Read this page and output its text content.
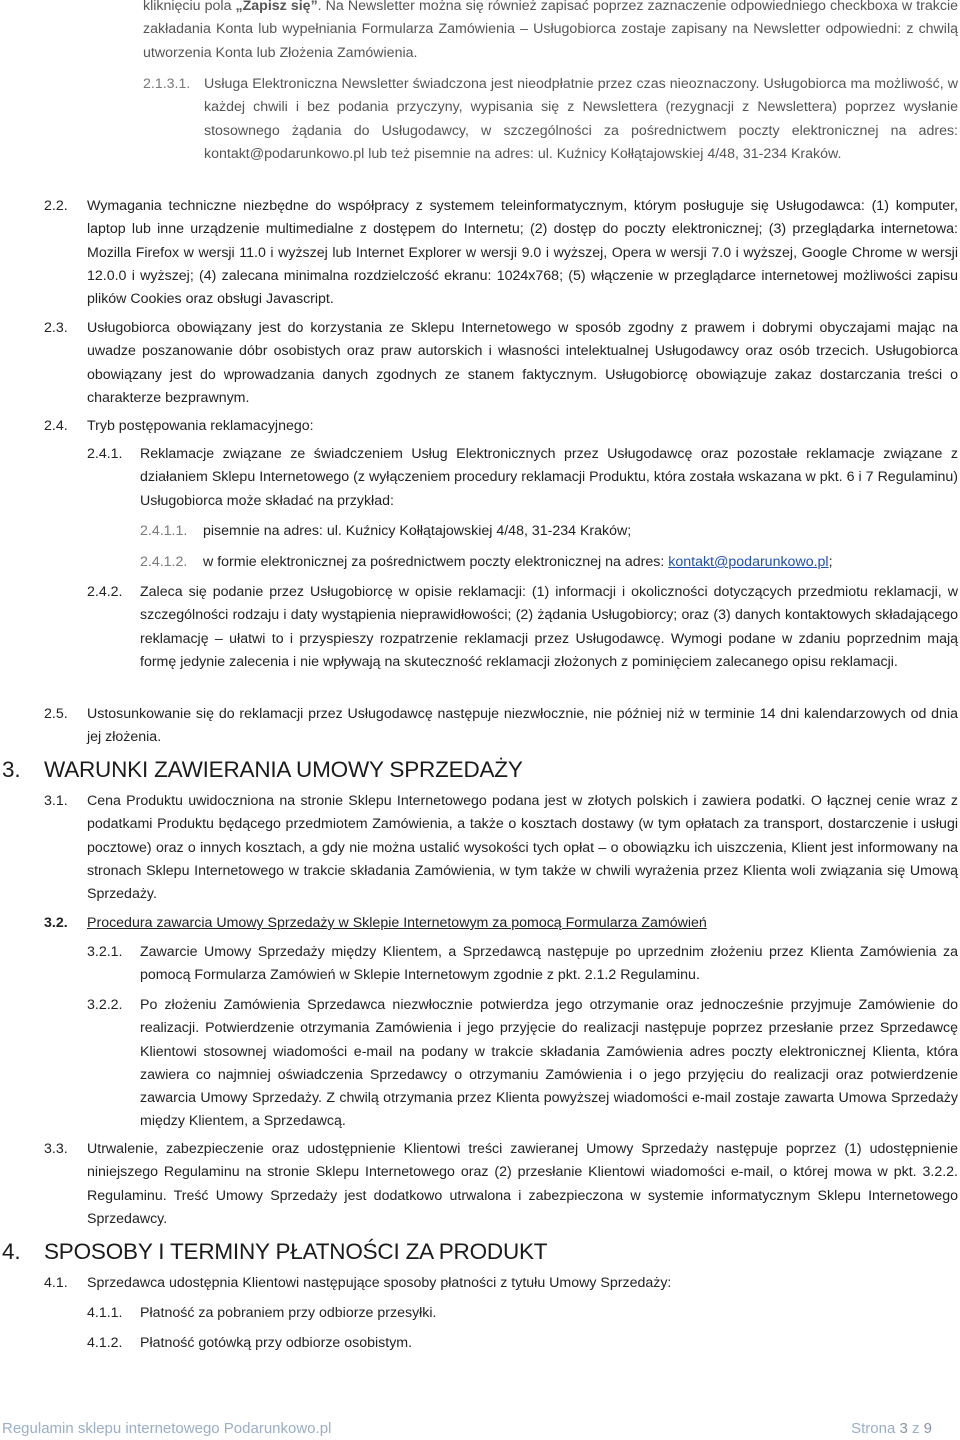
kliknięciu pola „Zapisz się”. Na Newsletter można się również zapisać poprzez zaznaczenie odpowiedniego checkboxa w trakcie zakładania Konta lub wypełniania Formularza Zamówienia – Usługobiorca zostaje zapisany na Newsletter odpowiedni: z chwilą utworzenia Konta lub Złożenia Zamówienia.
2.1.3.1. Usługa Elektroniczna Newsletter świadczona jest nieodpłatnie przez czas nieoznaczony. Usługobiorca ma możliwość, w każdej chwili i bez podania przyczyny, wypisania się z Newslettera (rezygnacji z Newslettera) poprzez wysłanie stosownego żądania do Usługodawcy, w szczególności za pośrednictwem poczty elektronicznej na adres: kontakt@podarunkowo.pl lub też pisemnie na adres: ul. Kuźnicy Kołłątajowskiej 4/48, 31-234 Kraków.
2.2. Wymagania techniczne niezbędne do współpracy z systemem teleinformatycznym, którym posługuje się Usługodawca: (1) komputer, laptop lub inne urządzenie multimedialne z dostępem do Internetu; (2) dostęp do poczty elektronicznej; (3) przeglądarka internetowa: Mozilla Firefox w wersji 11.0 i wyższej lub Internet Explorer w wersji 9.0 i wyższej, Opera w wersji 7.0 i wyższej, Google Chrome w wersji 12.0.0 i wyższej; (4) zalecana minimalna rozdzielczość ekranu: 1024x768; (5) włączenie w przeglądarce internetowej możliwości zapisu plików Cookies oraz obsługi Javascript.
2.3. Usługobiorca obowiązany jest do korzystania ze Sklepu Internetowego w sposób zgodny z prawem i dobrymi obyczajami mając na uwadze poszanowanie dóbr osobistych oraz praw autorskich i własności intelektualnej Usługodawcy oraz osób trzecich. Usługobiorca obowiązany jest do wprowadzania danych zgodnych ze stanem faktycznym. Usługobiorcę obowiązuje zakaz dostarczania treści o charakterze bezprawnym.
2.4. Tryb postępowania reklamacyjnego:
2.4.1. Reklamacje związane ze świadczeniem Usług Elektronicznych przez Usługodawcę oraz pozostałe reklamacje związane z działaniem Sklepu Internetowego (z wyłączeniem procedury reklamacji Produktu, która została wskazana w pkt. 6 i 7 Regulaminu) Usługobiorca może składać na przykład:
2.4.1.1. pisemnie na adres: ul. Kuźnicy Kołłątajowskiej 4/48, 31-234 Kraków;
2.4.1.2. w formie elektronicznej za pośrednictwem poczty elektronicznej na adres: kontakt@podarunkowo.pl;
2.4.2. Zaleca się podanie przez Usługobiorcę w opisie reklamacji: (1) informacji i okoliczności dotyczących przedmiotu reklamacji, w szczególności rodzaju i daty wystąpienia nieprawidłowości; (2) żądania Usługobiorcy; oraz (3) danych kontaktowych składającego reklamację – ułatwi to i przyspieszy rozpatrzenie reklamacji przez Usługodawcę. Wymogi podane w zdaniu poprzednim mają formę jedynie zalecenia i nie wpływają na skuteczność reklamacji złożonych z pominięciem zalecanego opisu reklamacji.
2.5. Ustosunkowanie się do reklamacji przez Usługodawcę następuje niezwłocznie, nie później niż w terminie 14 dni kalendarzowych od dnia jej złożenia.
3. WARUNKI ZAWIERANIA UMOWY SPRZEDAŻY
3.1. Cena Produktu uwidoczniona na stronie Sklepu Internetowego podana jest w złotych polskich i zawiera podatki. O łącznej cenie wraz z podatkami Produktu będącego przedmiotem Zamówienia, a także o kosztach dostawy (w tym opłatach za transport, dostarczenie i usługi pocztowe) oraz o innych kosztach, a gdy nie można ustalić wysokości tych opłat – o obowiązku ich uiszczenia, Klient jest informowany na stronach Sklepu Internetowego w trakcie składania Zamówienia, w tym także w chwili wyrażenia przez Klienta woli związania się Umową Sprzedaży.
3.2. Procedura zawarcia Umowy Sprzedaży w Sklepie Internetowym za pomocą Formularza Zamówień
3.2.1. Zawarcie Umowy Sprzedaży między Klientem, a Sprzedawcą następuje po uprzednim złożeniu przez Klienta Zamówienia za pomocą Formularza Zamówień w Sklepie Internetowym zgodnie z pkt. 2.1.2 Regulaminu.
3.2.2. Po złożeniu Zamówienia Sprzedawca niezwłocznie potwierdza jego otrzymanie oraz jednocześnie przyjmuje Zamówienie do realizacji. Potwierdzenie otrzymania Zamówienia i jego przyjęcie do realizacji następuje poprzez przesłanie przez Sprzedawcę Klientowi stosownej wiadomości e-mail na podany w trakcie składania Zamówienia adres poczty elektronicznej Klienta, która zawiera co najmniej oświadczenia Sprzedawcy o otrzymaniu Zamówienia i o jego przyjęciu do realizacji oraz potwierdzenie zawarcia Umowy Sprzedaży. Z chwilą otrzymania przez Klienta powyższej wiadomości e-mail zostaje zawarta Umowa Sprzedaży między Klientem, a Sprzedawcą.
3.3. Utrwalenie, zabezpieczenie oraz udostępnienie Klientowi treści zawieranej Umowy Sprzedaży następuje poprzez (1) udostępnienie niniejszego Regulaminu na stronie Sklepu Internetowego oraz (2) przesłanie Klientowi wiadomości e-mail, o której mowa w pkt. 3.2.2. Regulaminu. Treść Umowy Sprzedaży jest dodatkowo utrwalona i zabezpieczona w systemie informatycznym Sklepu Internetowego Sprzedawcy.
4. SPOSOBY I TERMINY PŁATNOŚCI ZA PRODUKT
4.1. Sprzedawca udostępnia Klientowi następujące sposoby płatności z tytułu Umowy Sprzedaży:
4.1.1. Płatność za pobraniem przy odbiorze przesyłki.
4.1.2. Płatność gotówką przy odbiorze osobistym.
Regulamin sklepu internetowego Podarunkowo.pl	Strona 3 z 9
